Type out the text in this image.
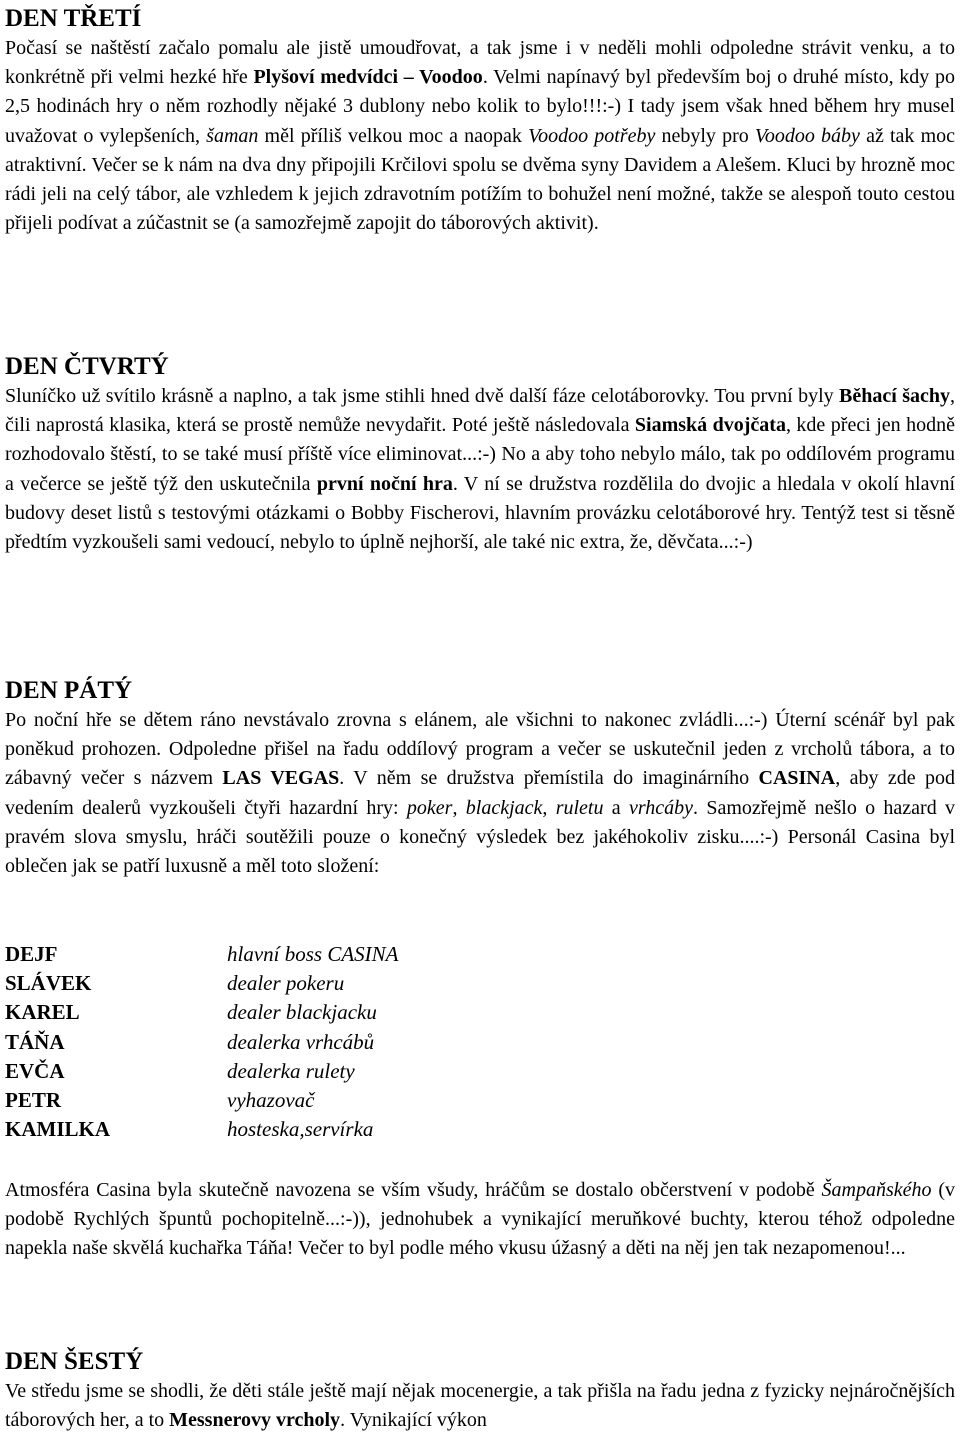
DEN TŘETÍ

Počasí se naštěstí začalo pomalu ale jistě umoudřovat, a tak jsme i v neděli mohli odpoledne strávit venku, a to konkrétně při velmi hezké hře Plyšoví medvídci – Voodoo. Velmi napínavý byl především boj o druhé místo, kdy po 2,5 hodinách hry o něm rozhodly nějaké 3 dublony nebo kolik to bylo!!!:-) I tady jsem však hned během hry musel uvažovat o vylepšeních, šaman měl příliš velkou moc a naopak Voodoo potřeby nebyly pro Voodoo báby až tak moc atraktivní. Večer se k nám na dva dny připojili Krčilovi spolu se dvěma syny Davidem a Alešem. Kluci by hrozně moc rádi jeli na celý tábor, ale vzhledem k jejich zdravotním potížím to bohužel není možné, takže se alespoň touto cestou přijeli podívat a zúčastnit se (a samozřejmě zapojit do táborových aktivit).

DEN ČTVRTÝ

Sluníčko už svítilo krásně a naplno, a tak jsme stihli hned dvě další fáze celotáborovky. Tou první byly Běhací šachy, čili naprostá klasika, která se prostě nemůže nevydařit. Poté ještě následovala Siamská dvojčata, kde přeci jen hodně rozhodovalo štěstí, to se také musí příště více eliminovat...:-) No a aby toho nebylo málo, tak po oddílovém programu a večerce se ještě týž den uskutečnila první noční hra. V ní se družstva rozdělila do dvojic a hledala v okolí hlavní budovy deset listů s testovými otázkami o Bobby Fischerovi, hlavním provázku celotáborové hry. Tentýž test si těsně předtím vyzkoušeli sami vedoucí, nebylo to úplně nejhorší, ale také nic extra, že, děvčata...:-)

DEN PÁTÝ

Po noční hře se dětem ráno nevstávalo zrovna s elánem, ale všichni to nakonec zvládli...:-) Úterní scénář byl pak poněkud prohozen. Odpoledne přišel na řadu oddílový program a večer se uskutečnil jeden z vrcholů tábora, a to zábavný večer s názvem LAS VEGAS. V něm se družstva přemístila do imaginárního CASINA, aby zde pod vedením dealerů vyzkoušeli čtyři hazardní hry: poker, blackjack, ruletu a vrhcáby. Samozřejmě nešlo o hazard v pravém slova smyslu, hráči soutěžili pouze o konečný výsledek bez jakéhokoliv zisku....:-) Personál Casina byl oblečen jak se patří luxusně a měl toto složení:

DEJF	hlavní boss CASINA
SLÁVEK	dealer pokeru
KAREL	dealer blackjacku
TÁŇA	dealerka vrhcábů
EVČA	dealerka rulety
PETR	vyhazovač
KAMILKA	hosteska,servírka

Atmosféra Casina byla skutečně navozena se vším všudy, hráčům se dostalo občerstvení v podobě Šampaňského (v podobě Rychlých špuntů pochopitelně...:-)), jednohubek a vynikající meruňkové buchty, kterou téhož odpoledne napekla naše skvělá kuchařka Táňa! Večer to byl podle mého vkusu úžasný a děti na něj jen tak nezapomenou!...

DEN ŠESTÝ

Ve středu jsme se shodli, že děti stále ještě mají nějak mocenergie, a tak přišla na řadu jedna z fyzicky nejnáročnějších táborových her, a to Messnerovy vrcholy. Vynikající výkon
